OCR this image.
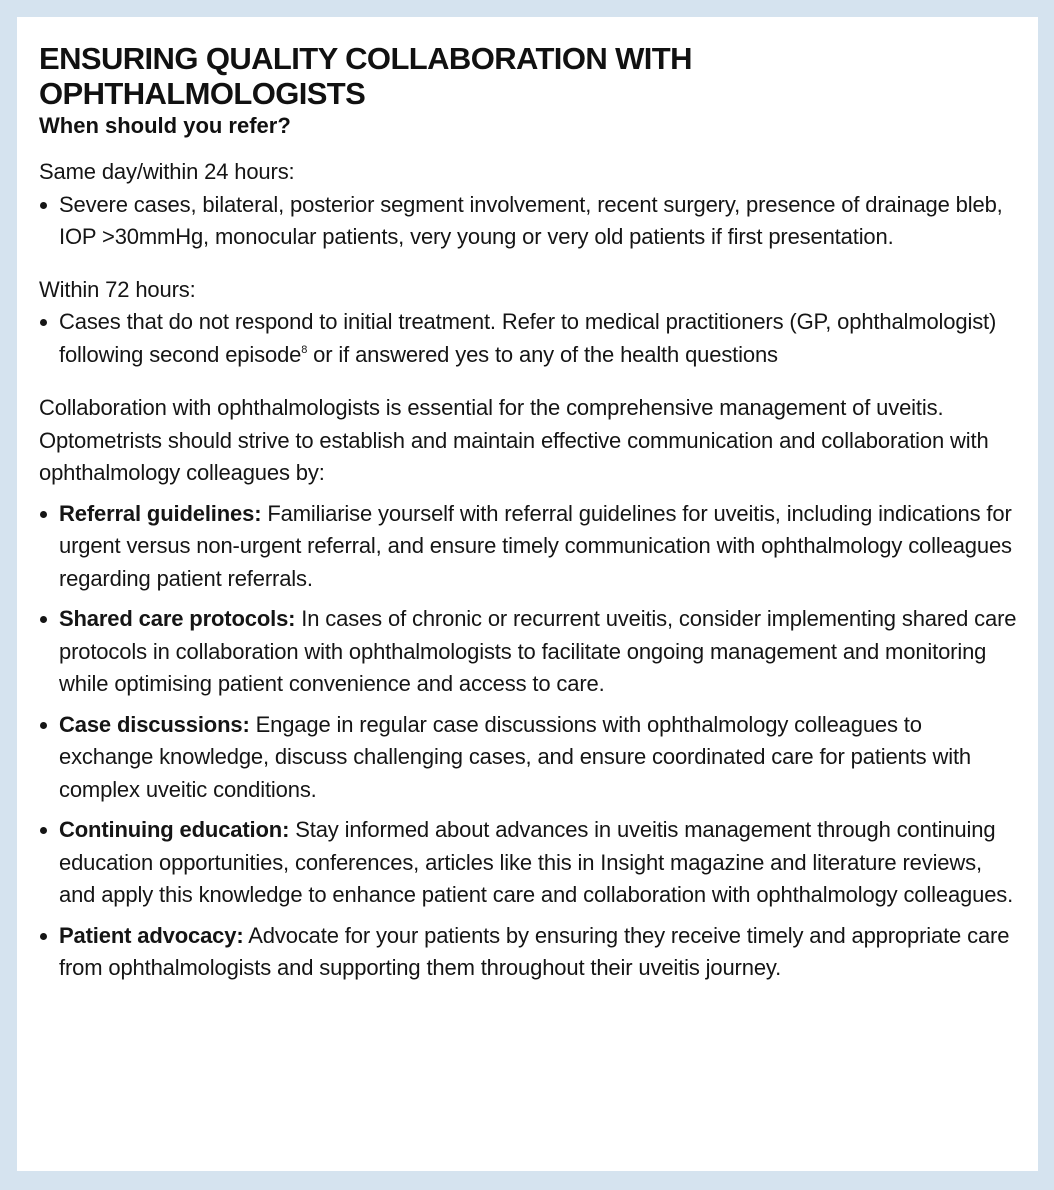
ENSURING QUALITY COLLABORATION WITH OPHTHALMOLOGISTS
When should you refer?

Same day/within 24 hours:

Severe cases, bilateral, posterior segment involvement, recent surgery, presence of drainage bleb, IOP >30mmHg, monocular patients, very young or very old patients if first presentation.

Within 72 hours:

Cases that do not respond to initial treatment. Refer to medical practitioners (GP, ophthalmologist) following second episode$^8$ or if answered yes to any of the health questions

Collaboration with ophthalmologists is essential for the comprehensive management of uveitis. Optometrists should strive to establish and maintain effective communication and collaboration with ophthalmology colleagues by:

Referral guidelines: Familiarise yourself with referral guidelines for uveitis, including indications for urgent versus non-urgent referral, and ensure timely communication with ophthalmology colleagues regarding patient referrals.
Shared care protocols: In cases of chronic or recurrent uveitis, consider implementing shared care protocols in collaboration with ophthalmologists to facilitate ongoing management and monitoring while optimising patient convenience and access to care.
Case discussions: Engage in regular case discussions with ophthalmology colleagues to exchange knowledge, discuss challenging cases, and ensure coordinated care for patients with complex uveitic conditions.
Continuing education: Stay informed about advances in uveitis management through continuing education opportunities, conferences, articles like this in Insight magazine and literature reviews, and apply this knowledge to enhance patient care and collaboration with ophthalmology colleagues.
Patient advocacy: Advocate for your patients by ensuring they receive timely and appropriate care from ophthalmologists and supporting them throughout their uveitis journey.
